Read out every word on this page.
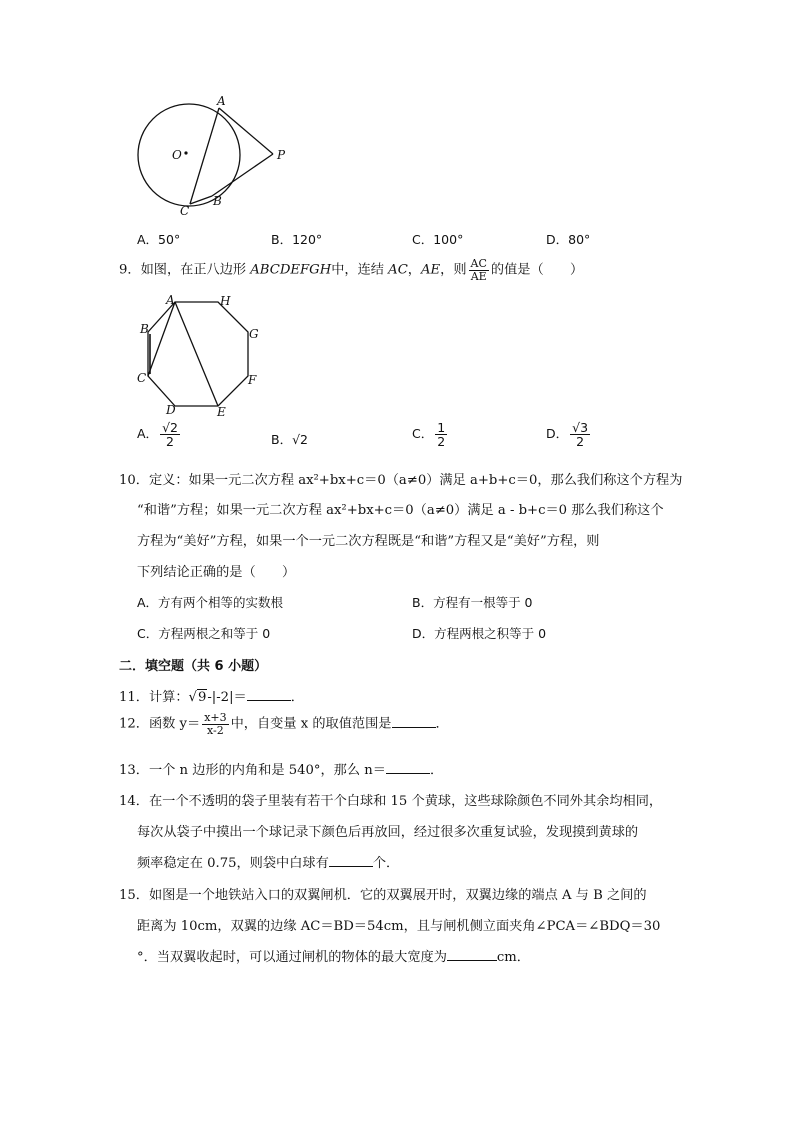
A
O	P
C
B
A．50°	B．120°	C．100°	D．80°
9．如图，在正八边形 ABCDEFGH中，连结 AC，AE，则 $\frac{AC}{AE}$ 的值是（　　）
A	H
B	G
C	F
D	E
A． $\frac{√2}{2}$	B．√2	C． $\frac{1}{2}$	D． $\frac{√3}{2}$
10．定义：如果一元二次方程 ax²+bx+c＝0（a≠0）满足 a+b+c＝0，那么我们称这个方程为
“和谐”方程；如果一元二次方程 ax²+bx+c＝0（a≠0）满足 a - b+c＝0 那么我们称这个
方程为“美好”方程，如果一个一元二次方程既是“和谐”方程又是“美好”方程，则
下列结论正确的是（　　）
A．方有两个相等的实数根	B．方程有一根等于 0
C．方程两根之和等于 0	D．方程两根之积等于 0
二．填空题（共 6 小题）
11．计算：√9-|-2|＝	．
12．函数 $y= \frac{x+3}{x-2}$ 中，自变量 x 的取值范围是	．
13．一个 n 边形的内角和是 540°，那么 n＝	．
14．在一个不透明的袋子里装有若干个白球和 15 个黄球，这些球除颜色不同外其余均相同，
每次从袋子中摸出一个球记录下颜色后再放回，经过很多次重复试验，发现摸到黄球的
频率稳定在 0.75，则袋中白球有	个．
15．如图是一个地铁站入口的双翼闸机．它的双翼展开时，双翼边缘的端点 A 与 B 之间的
距离为 10cm，双翼的边缘 AC＝BD＝54cm，且与闸机侧立面夹角∠PCA＝∠BDQ＝30
°．当双翼收起时，可以通过闸机的物体的最大宽度为	cm．
